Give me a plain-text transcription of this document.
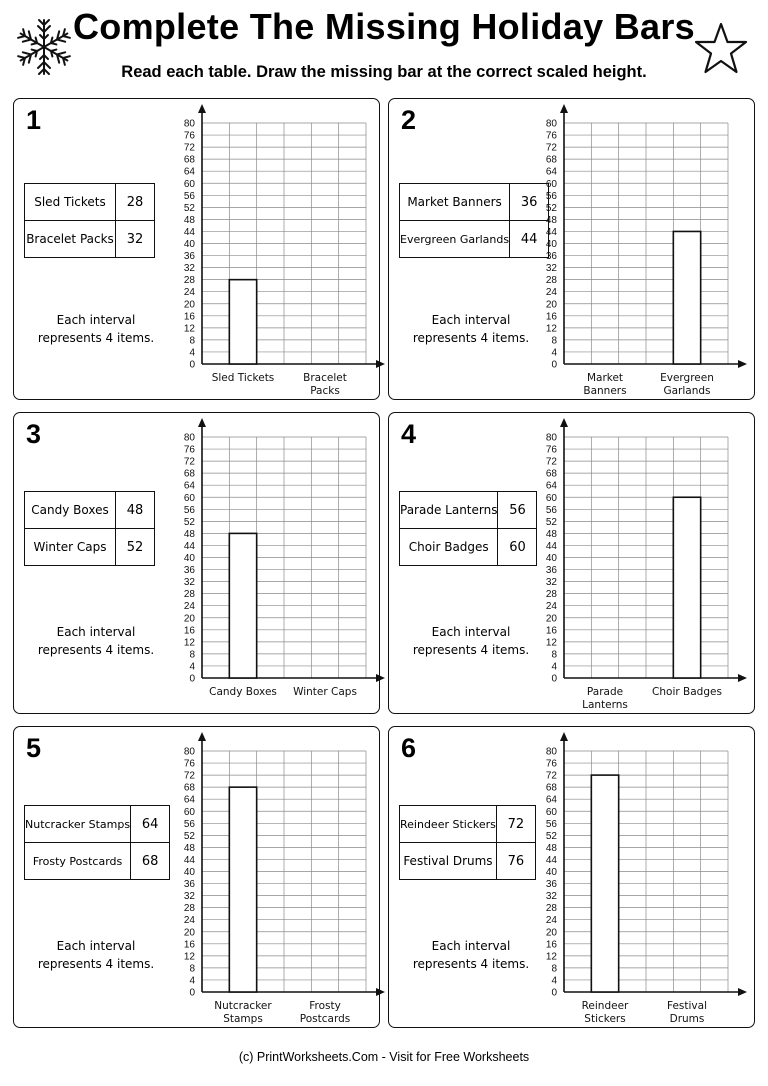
Complete The Missing Holiday Bars
Read each table. Draw the missing bar at the correct scaled height.
1
Sled Tickets	28
Bracelet Packs	32
Each interval
represents 4 items.
0
4
8
12
16
20
24
28
32
36
40
44
48
52
56
60
64
68
72
76
80
Sled Tickets	Bracelet Packs
2
Market Banners	36
Evergreen Garlands	44
Each interval
represents 4 items.
0
4
8
12
16
20
24
28
32
36
40
44
48
52
56
60
64
68
72
76
80
Market Banners
Evergreen Garlands
3
Candy Boxes	48
Winter Caps	52
Each interval
represents 4 items.
0
4
8
12
16
20
24
28
32
36
40
44
48
52
56
60
64
68
72
76
80
Candy Boxes Winter Caps
4
Parade Lanterns	56
Choir Badges	60
Each interval
represents 4 items.
0
4
8
12
16
20
24
28
32
36
40
44
48
52
56
60
64
68
72
76
80
Parade Lanterns
Choir Badges
5
Nutcracker Stamps	64
Frosty Postcards	68
Each interval
represents 4 items.
0
4
8
12
16
20
24
28
32
36
40
44
48
52
56
60
64
68
72
76
80
Nutcracker Stamps
Frosty Postcards
6
Reindeer Stickers	72
Festival Drums	76
Each interval
represents 4 items.
0
4
8
12
16
20
24
28
32
36
40
44
48
52
56
60
64
68
72
76
80
Reindeer Stickers
Festival Drums
(c) PrintWorksheets.Com - Visit for Free Worksheets
